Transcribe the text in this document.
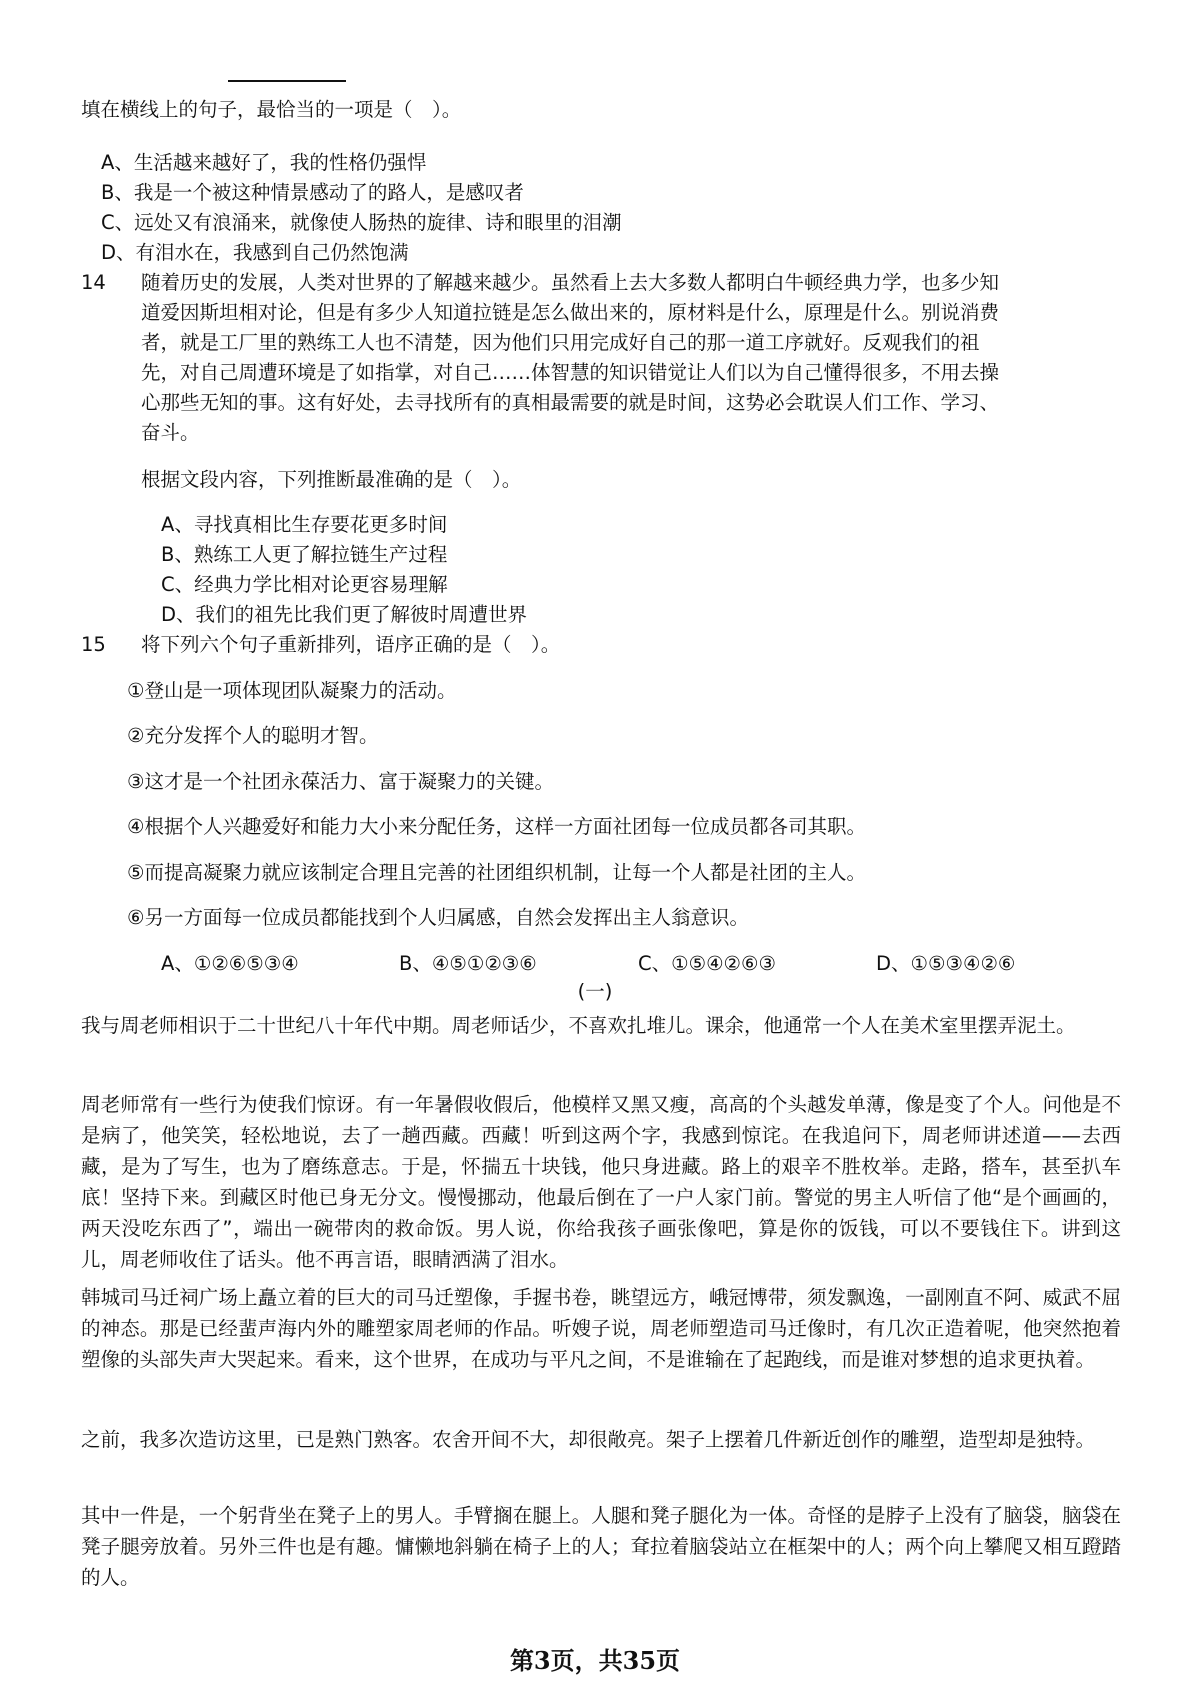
填在横线上的句子，最恰当的一项是（　）。
A、生活越来越好了，我的性格仍强悍
B、我是一个被这种情景感动了的路人，是感叹者
C、远处又有浪涌来，就像使人肠热的旋律、诗和眼里的泪潮
D、有泪水在，我感到自己仍然饱满
14 随着历史的发展，人类对世界的了解越来越少。虽然看上去大多数人都明白牛顿经典力学，也多少知
道爱因斯坦相对论，但是有多少人知道拉链是怎么做出来的，原材料是什么，原理是什么。别说消费
者，就是工厂里的熟练工人也不清楚，因为他们只用完成好自己的那一道工序就好。反观我们的祖
先，对自己周遭环境是了如指掌，对自己……体智慧的知识错觉让人们以为自己懂得很多，不用去操
心那些无知的事。这有好处，去寻找所有的真相最需要的就是时间，这势必会耽误人们工作、学习、
奋斗。
根据文段内容，下列推断最准确的是（　）。
A、寻找真相比生存要花更多时间
B、熟练工人更了解拉链生产过程
C、经典力学比相对论更容易理解
D、我们的祖先比我们更了解彼时周遭世界
15 将下列六个句子重新排列，语序正确的是（　）。
①登山是一项体现团队凝聚力的活动。
②充分发挥个人的聪明才智。
③这才是一个社团永葆活力、富于凝聚力的关键。
④根据个人兴趣爱好和能力大小来分配任务，这样一方面社团每一位成员都各司其职。
⑤而提高凝聚力就应该制定合理且完善的社团组织机制，让每一个人都是社团的主人。
⑥另一方面每一位成员都能找到个人归属感，自然会发挥出主人翁意识。
A、①②⑥⑤③④	B、④⑤①②③⑥	C、①⑤④②⑥③	D、①⑤③④②⑥
(一)
我与周老师相识于二十世纪八十年代中期。周老师话少，不喜欢扎堆儿。课余，他通常一个人在美术室里摆弄泥土。
周老师常有一些行为使我们惊讶。有一年暑假收假后，他模样又黑又瘦，高高的个头越发单薄，像是变了个人。问他是不是病了，他笑笑，轻松地说，去了一趟西藏。西藏！听到这两个字，我感到惊诧。在我追问下，周老师讲述道——去西藏，是为了写生，也为了磨练意志。于是，怀揣五十块钱，他只身进藏。路上的艰辛不胜枚举。走路，搭车，甚至扒车底！坚持下来。到藏区时他已身无分文。慢慢挪动，他最后倒在了一户人家门前。警觉的男主人听信了他“是个画画的，两天没吃东西了”，端出一碗带肉的救命饭。男人说，你给我孩子画张像吧，算是你的饭钱，可以不要钱住下。讲到这儿，周老师收住了话头。他不再言语，眼睛洒满了泪水。
韩城司马迁祠广场上矗立着的巨大的司马迁塑像，手握书卷，眺望远方，峨冠博带，须发飘逸，一副刚直不阿、威武不屈的神态。那是已经蜚声海内外的雕塑家周老师的作品。听嫂子说，周老师塑造司马迁像时，有几次正造着呢，他突然抱着塑像的头部失声大哭起来。看来，这个世界，在成功与平凡之间，不是谁输在了起跑线，而是谁对梦想的追求更执着。
之前，我多次造访这里，已是熟门熟客。农舍开间不大，却很敞亮。架子上摆着几件新近创作的雕塑，造型却是独特。
其中一件是，一个躬背坐在凳子上的男人。手臂搁在腿上。人腿和凳子腿化为一体。奇怪的是脖子上没有了脑袋，脑袋在凳子腿旁放着。另外三件也是有趣。慵懒地斜躺在椅子上的人；耷拉着脑袋站立在框架中的人；两个向上攀爬又相互蹬踏的人。
第3页，共35页
